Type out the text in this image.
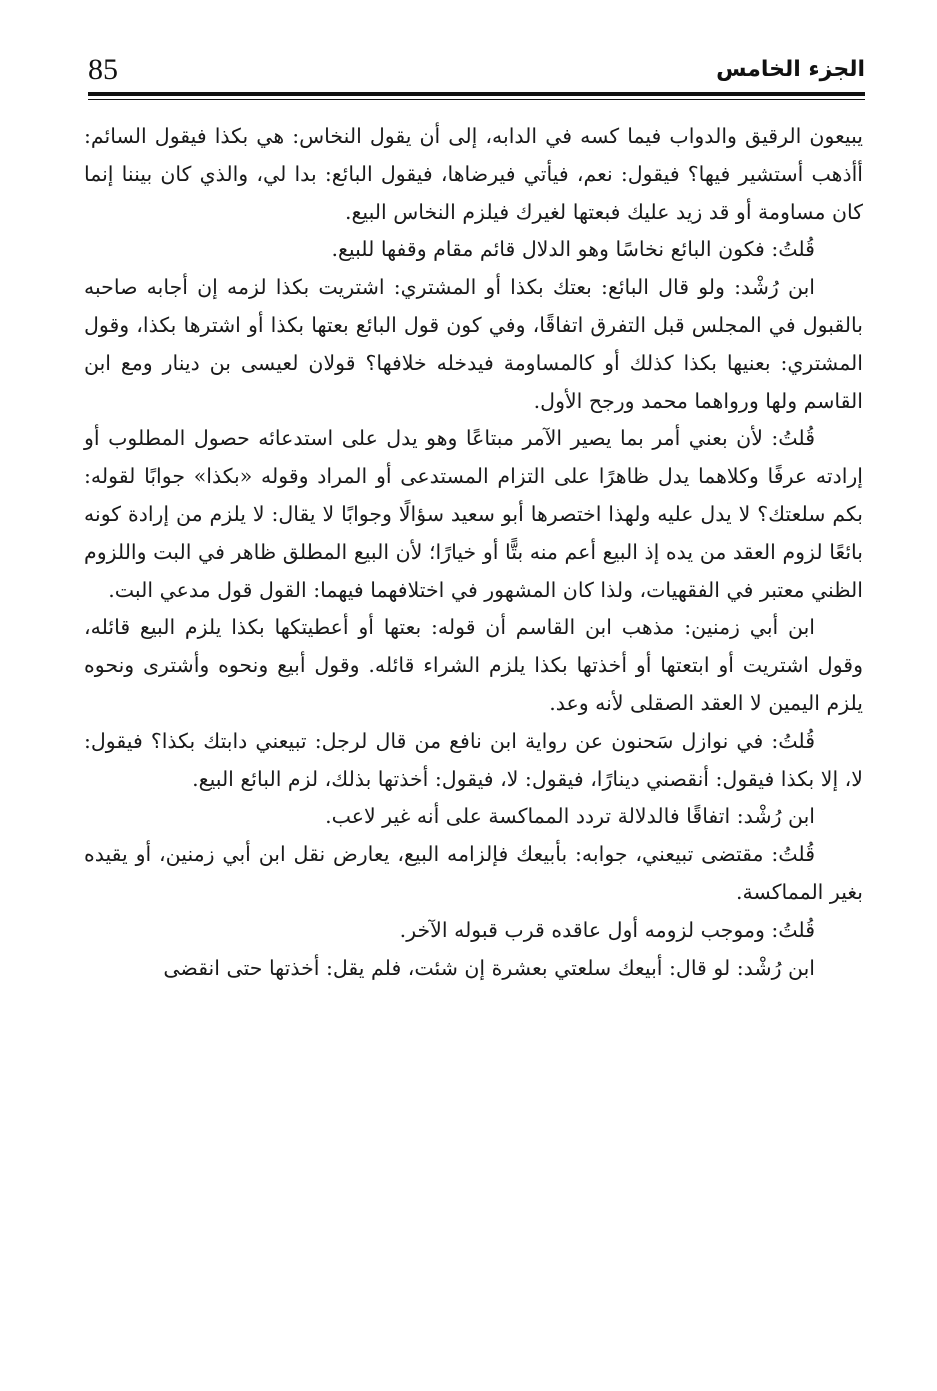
85	الجزء الخامس

يبيعون الرقيق والدواب فيما كسه في الدابه، إلى أن يقول النخاس: هي بكذا فيقول السائم: أأذهب أستشير فيها؟ فيقول: نعم، فيأتي فيرضاها، فيقول البائع: بدا لي، والذي كان بيننا إنما كان مساومة أو قد زيد عليك فبعتها لغيرك فيلزم النخاس البيع.

قُلتُ: فكون البائع نخاسًا وهو الدلال قائم مقام وقفها للبيع.

ابن رُشْد: ولو قال البائع: بعتك بكذا أو المشتري: اشتريت بكذا لزمه إن أجابه صاحبه بالقبول في المجلس قبل التفرق اتفاقًا، وفي كون قول البائع بعتها بكذا أو اشترها بكذا، وقول المشتري: بعنيها بكذا كذلك أو كالمساومة فيدخله خلافها؟ قولان لعيسى بن دينار ومع ابن القاسم ولها ورواهما محمد ورجح الأول.

قُلتُ: لأن بعني أمر بما يصير الآمر مبتاعًا وهو يدل على استدعائه حصول المطلوب أو إرادته عرفًا وكلاهما يدل ظاهرًا على التزام المستدعى أو المراد وقوله «بكذا» جوابًا لقوله: بكم سلعتك؟ لا يدل عليه ولهذا اختصرها أبو سعيد سؤالًا وجوابًا لا يقال: لا يلزم من إرادة كونه بائعًا لزوم العقد من يده إذ البيع أعم منه بتًّا أو خيارًا؛ لأن البيع المطلق ظاهر في البت واللزوم الظني معتبر في الفقهيات، ولذا كان المشهور في اختلافهما فيهما: القول قول مدعي البت.

ابن أبي زمنين: مذهب ابن القاسم أن قوله: بعتها أو أعطيتكها بكذا يلزم البيع قائله، وقول اشتريت أو ابتعتها أو أخذتها بكذا يلزم الشراء قائله. وقول أبيع ونحوه وأشترى ونحوه يلزم اليمين لا العقد الصقلى لأنه وعد.

قُلتُ: في نوازل سَحنون عن رواية ابن نافع من قال لرجل: تبيعني دابتك بكذا؟ فيقول: لا، إلا بكذا فيقول: أنقصني دينارًا، فيقول: لا، فيقول: أخذتها بذلك، لزم البائع البيع.

ابن رُشْد: اتفاقًا فالدلالة تردد المماكسة على أنه غير لاعب.

قُلتُ: مقتضى تبيعني، جوابه: بأبيعك فإلزامه البيع، يعارض نقل ابن أبي زمنين، أو يقيده بغير المماكسة.

قُلتُ: وموجب لزومه أول عاقده قرب قبوله الآخر.

ابن رُشْد: لو قال: أبيعك سلعتي بعشرة إن شئت، فلم يقل: أخذتها حتى انقضى
